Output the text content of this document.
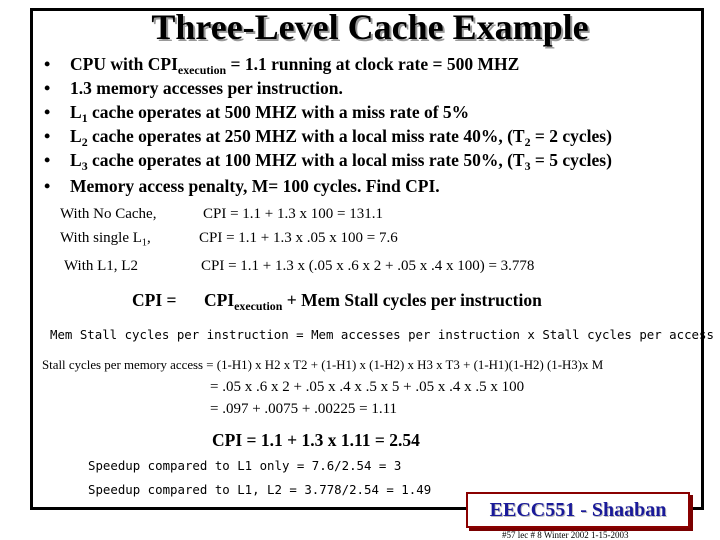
Three-Level Cache Example
• CPU with $CPI_{execution} = 1.1$ running at clock rate = 500 MHZ
• 1.3 memory accesses per instruction.
• $L_1$ cache operates at 500 MHZ with a miss rate of 5%
• $L_2$ cache operates at 250 MHZ with a local miss rate 40%, ($T_2 = 2$ cycles)
• $L_3$ cache operates at 100 MHZ with a local miss rate 50%, ($T_3 = 5$ cycles)
• Memory access penalty, M= 100 cycles. Find CPI.
With No Cache,	CPI = 1.1 + 1.3 x 100 = 131.1
With single $L_1$,	CPI = 1.1 + 1.3 x .05 x 100 = 7.6
With L1, L2	CPI = 1.1 + 1.3 x (.05 x .6 x 2 + .05 x .4 x 100) = 3.778
CPI = $CPI_{execution}$ + Mem Stall cycles per instruction
Mem Stall cycles per instruction = Mem accesses per instruction x Stall cycles per access
Stall cycles per memory access = (1-H1) x H2 x T2 + (1-H1) x (1-H2) x H3 x T3 + (1-H1)(1-H2) (1-H3)x M
= .05 x .6 x 2 + .05 x .4 x .5 x 5 + .05 x .4 x .5 x 100
= .097 + .0075 + .00225 = 1.11
CPI = 1.1 + 1.3 x 1.11 = 2.54
Speedup compared to L1 only = 7.6/2.54 = 3
Speedup compared to L1, L2 = 3.778/2.54 = 1.49
EECC551 - Shaaban
#57 lec # 8 Winter 2002 1-15-2003
